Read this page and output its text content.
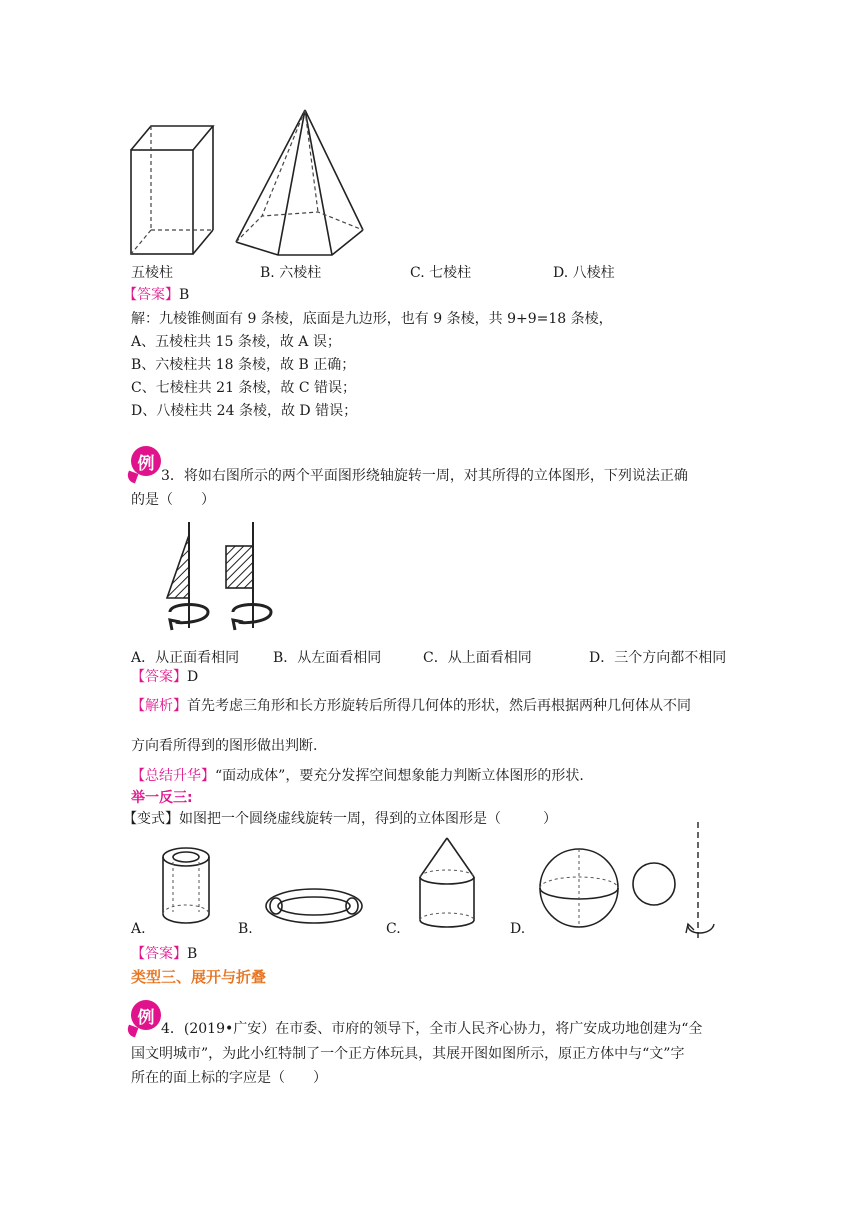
五棱柱	B. 六棱柱	C. 七棱柱	D. 八棱柱
【答案】B
解：九棱锥侧面有 9 条棱，底面是九边形，也有 9 条棱，共 9+9=18 条棱，
A、五棱柱共 15 条棱，故 A 误；
B、六棱柱共 18 条棱，故 B 正确；
C、七棱柱共 21 条棱，故 C 错误；
D、八棱柱共 24 条棱，故 D 错误；
例
3．将如右图所示的两个平面图形绕轴旋转一周，对其所得的立体图形，下列说法正确
的是（　　）
A．从正面看相同 B．从左面看相同	C．从上面看相同	D．三个方向都不相同
【答案】D
【解析】首先考虑三角形和长方形旋转后所得几何体的形状，然后再根据两种几何体从不同
方向看所得到的图形做出判断.
【总结升华】“面动成体”，要充分发挥空间想象能力判断立体图形的形状.
举一反三:
【变式】如图把一个圆绕虚线旋转一周，得到的立体图形是（　　　）
A.	B.	C.	D.
【答案】B
类型三、展开与折叠
例
4．(2019•广安）在市委、市府的领导下，全市人民齐心协力，将广安成功地创建为“全
国文明城市”，为此小红特制了一个正方体玩具，其展开图如图所示，原正方体中与“文”字
所在的面上标的字应是（　　）
